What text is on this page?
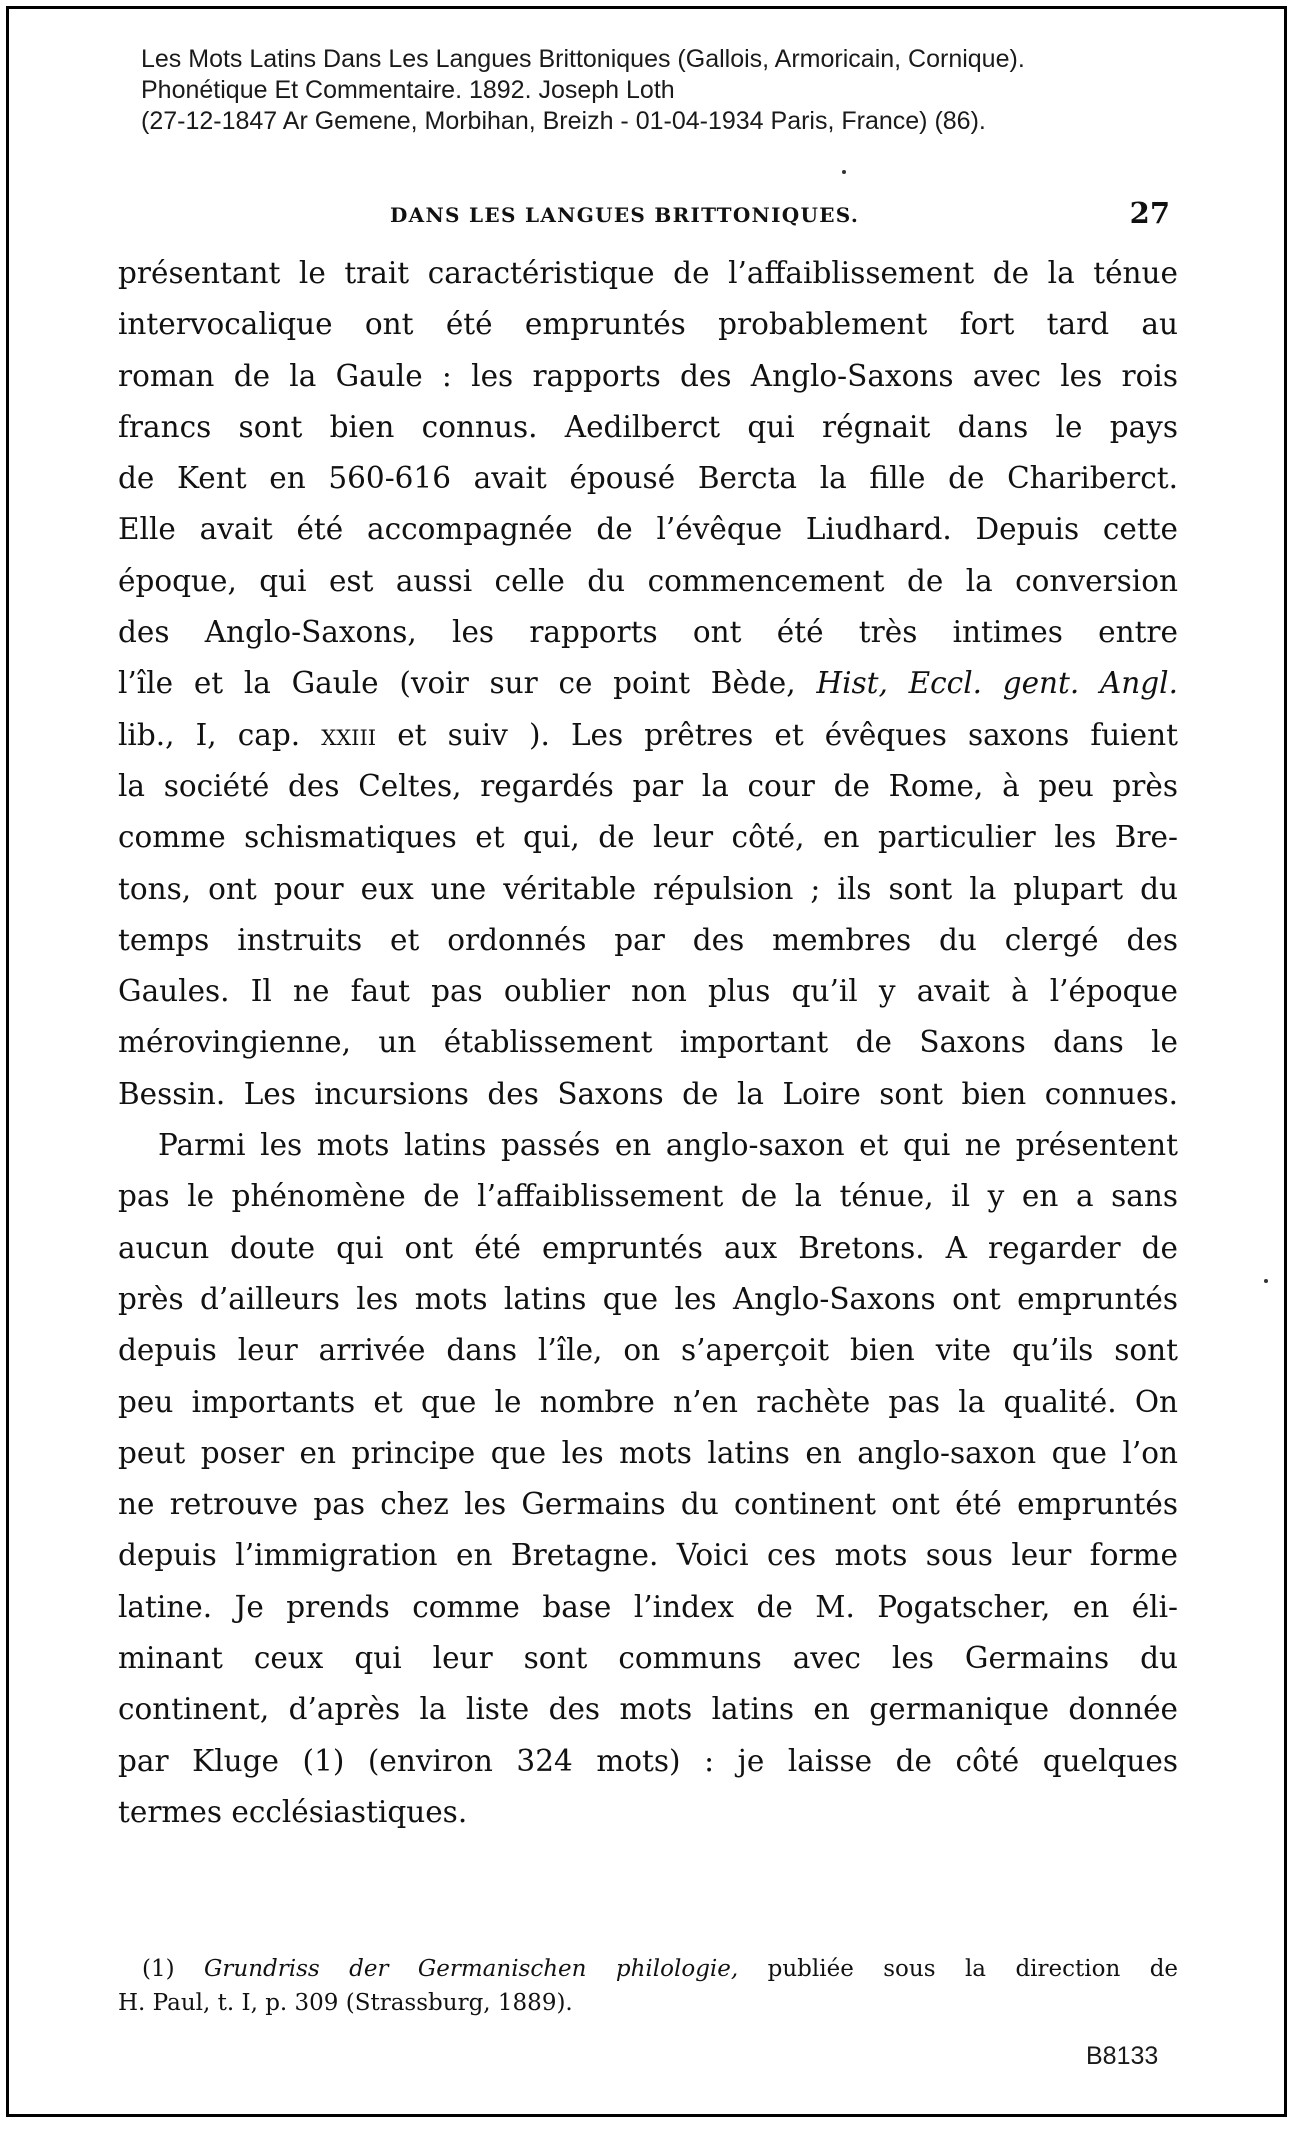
Les Mots Latins Dans Les Langues Brittoniques (Gallois, Armoricain, Cornique).
Phonétique Et Commentaire. 1892. Joseph Loth
(27-12-1847 Ar Gemene, Morbihan, Breizh - 01-04-1934 Paris, France) (86).
DANS LES LANGUES BRITTONIQUES.	27

présentant le trait caractéristique de l’affaiblissement de la ténue
intervocalique ont été empruntés probablement fort tard au
roman de la Gaule : les rapports des Anglo-Saxons avec les rois
francs sont bien connus. Aedilberct qui régnait dans le pays
de Kent en 560-616 avait épousé Bercta la fille de Chariberct.
Elle avait été accompagnée de l’évêque Liudhard. Depuis cette
époque, qui est aussi celle du commencement de la conversion
des Anglo-Saxons, les rapports ont été très intimes entre
l’île et la Gaule (voir sur ce point Bède, Hist, Eccl. gent. Angl.
lib., I, cap. xxiii et suiv ). Les prêtres et évêques saxons fuient
la société des Celtes, regardés par la cour de Rome, à peu près
comme schismatiques et qui, de leur côté, en particulier les Bre-
tons, ont pour eux une véritable répulsion ; ils sont la plupart du
temps instruits et ordonnés par des membres du clergé des
Gaules. Il ne faut pas oublier non plus qu’il y avait à l’époque
mérovingienne, un établissement important de Saxons dans le
Bessin. Les incursions des Saxons de la Loire sont bien connues.

Parmi les mots latins passés en anglo-saxon et qui ne présentent
pas le phénomène de l’affaiblissement de la ténue, il y en a sans
aucun doute qui ont été empruntés aux Bretons. A regarder de
près d’ailleurs les mots latins que les Anglo-Saxons ont empruntés
depuis leur arrivée dans l’île, on s’aperçoit bien vite qu’ils sont
peu importants et que le nombre n’en rachète pas la qualité. On
peut poser en principe que les mots latins en anglo-saxon que l’on
ne retrouve pas chez les Germains du continent ont été empruntés
depuis l’immigration en Bretagne. Voici ces mots sous leur forme
latine. Je prends comme base l’index de M. Pogatscher, en éli-
minant ceux qui leur sont communs avec les Germains du
continent, d’après la liste des mots latins en germanique donnée
par Kluge (1) (environ 324 mots) : je laisse de côté quelques
termes ecclésiastiques.

(1) Grundriss der Germanischen philologie, publiée sous la direction de
H. Paul, t. I, p. 309 (Strassburg, 1889).
B8133
